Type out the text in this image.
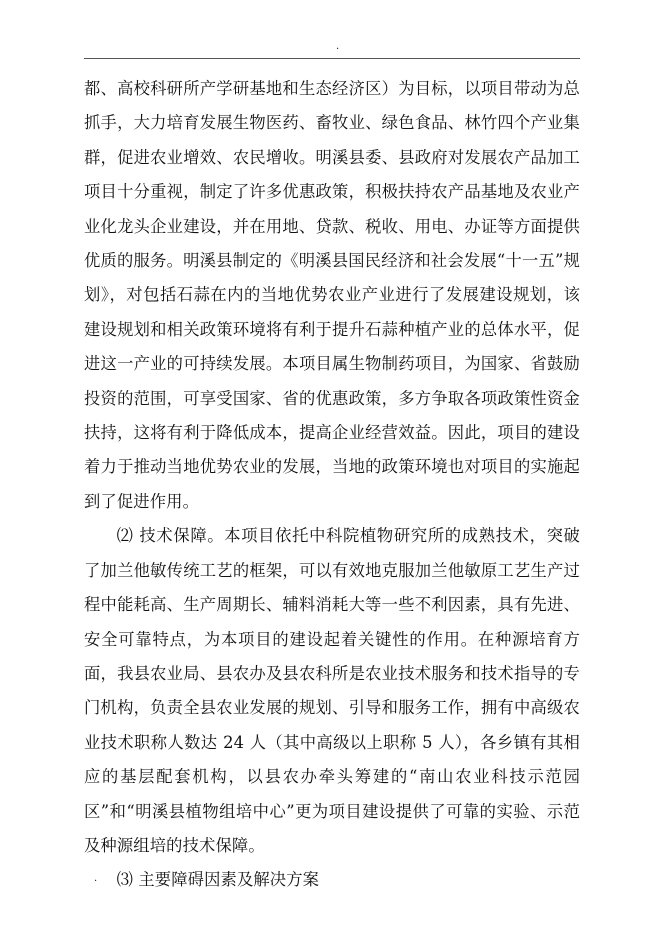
.

都、高校科研所产学研基地和生态经济区）为目标，以项目带动为总抓手，大力培育发展生物医药、畜牧业、绿色食品、林竹四个产业集群，促进农业增效、农民增收。明溪县委、县政府对发展农产品加工项目十分重视，制定了许多优惠政策，积极扶持农产品基地及农业产业化龙头企业建设，并在用地、贷款、税收、用电、办证等方面提供优质的服务。明溪县制定的《明溪县国民经济和社会发展“十一五”规划》，对包括石蒜在内的当地优势农业产业进行了发展建设规划，该建设规划和相关政策环境将有利于提升石蒜种植产业的总体水平，促进这一产业的可持续发展。本项目属生物制药项目，为国家、省鼓励投资的范围，可享受国家、省的优惠政策，多方争取各项政策性资金扶持，这将有利于降低成本，提高企业经营效益。因此，项目的建设着力于推动当地优势农业的发展，当地的政策环境也对项目的实施起到了促进作用。

⑵ 技术保障。本项目依托中科院植物研究所的成熟技术，突破了加兰他敏传统工艺的框架，可以有效地克服加兰他敏原工艺生产过程中能耗高、生产周期长、辅料消耗大等一些不利因素，具有先进、安全可靠特点，为本项目的建设起着关键性的作用。在种源培育方面，我县农业局、县农办及县农科所是农业技术服务和技术指导的专门机构，负责全县农业发展的规划、引导和服务工作，拥有中高级农业技术职称人数达 24 人（其中高级以上职称 5 人），各乡镇有其相应的基层配套机构，以县农办牵头筹建的“南山农业科技示范园区”和“明溪县植物组培中心”更为项目建设提供了可靠的实验、示范及种源组培的技术保障。

⑶ 主要障碍因素及解决方案

.
